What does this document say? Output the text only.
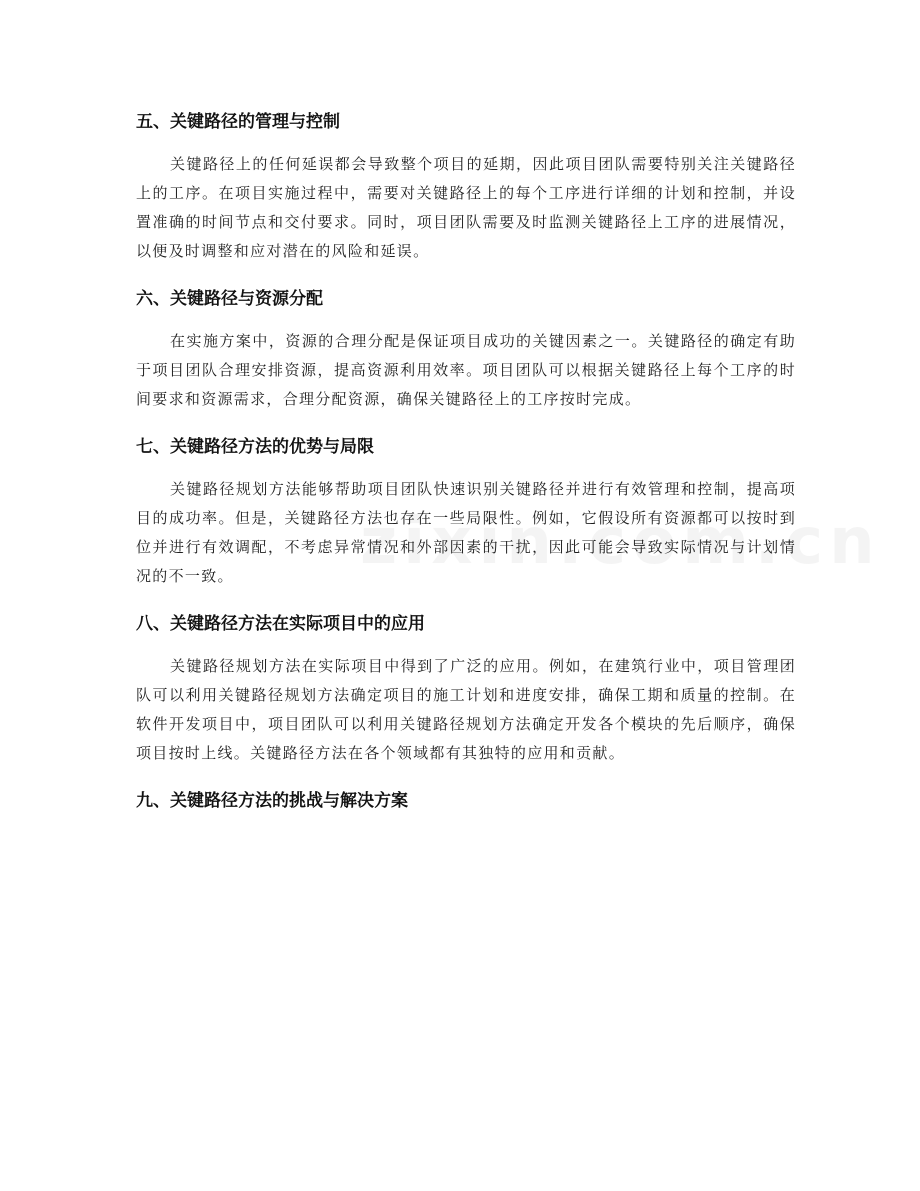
五、关键路径的管理与控制

关键路径上的任何延误都会导致整个项目的延期，因此项目团队需要特别关注关键路径上的工序。在项目实施过程中，需要对关键路径上的每个工序进行详细的计划和控制，并设置准确的时间节点和交付要求。同时，项目团队需要及时监测关键路径上工序的进展情况，以便及时调整和应对潜在的风险和延误。

六、关键路径与资源分配

在实施方案中，资源的合理分配是保证项目成功的关键因素之一。关键路径的确定有助于项目团队合理安排资源，提高资源利用效率。项目团队可以根据关键路径上每个工序的时间要求和资源需求，合理分配资源，确保关键路径上的工序按时完成。

七、关键路径方法的优势与局限

关键路径规划方法能够帮助项目团队快速识别关键路径并进行有效管理和控制，提高项目的成功率。但是，关键路径方法也存在一些局限性。例如，它假设所有资源都可以按时到位并进行有效调配，不考虑异常情况和外部因素的干扰，因此可能会导致实际情况与计划情况的不一致。

八、关键路径方法在实际项目中的应用

关键路径规划方法在实际项目中得到了广泛的应用。例如，在建筑行业中，项目管理团队可以利用关键路径规划方法确定项目的施工计划和进度安排，确保工期和质量的控制。在软件开发项目中，项目团队可以利用关键路径规划方法确定开发各个模块的先后顺序，确保项目按时上线。关键路径方法在各个领域都有其独特的应用和贡献。

九、关键路径方法的挑战与解决方案
